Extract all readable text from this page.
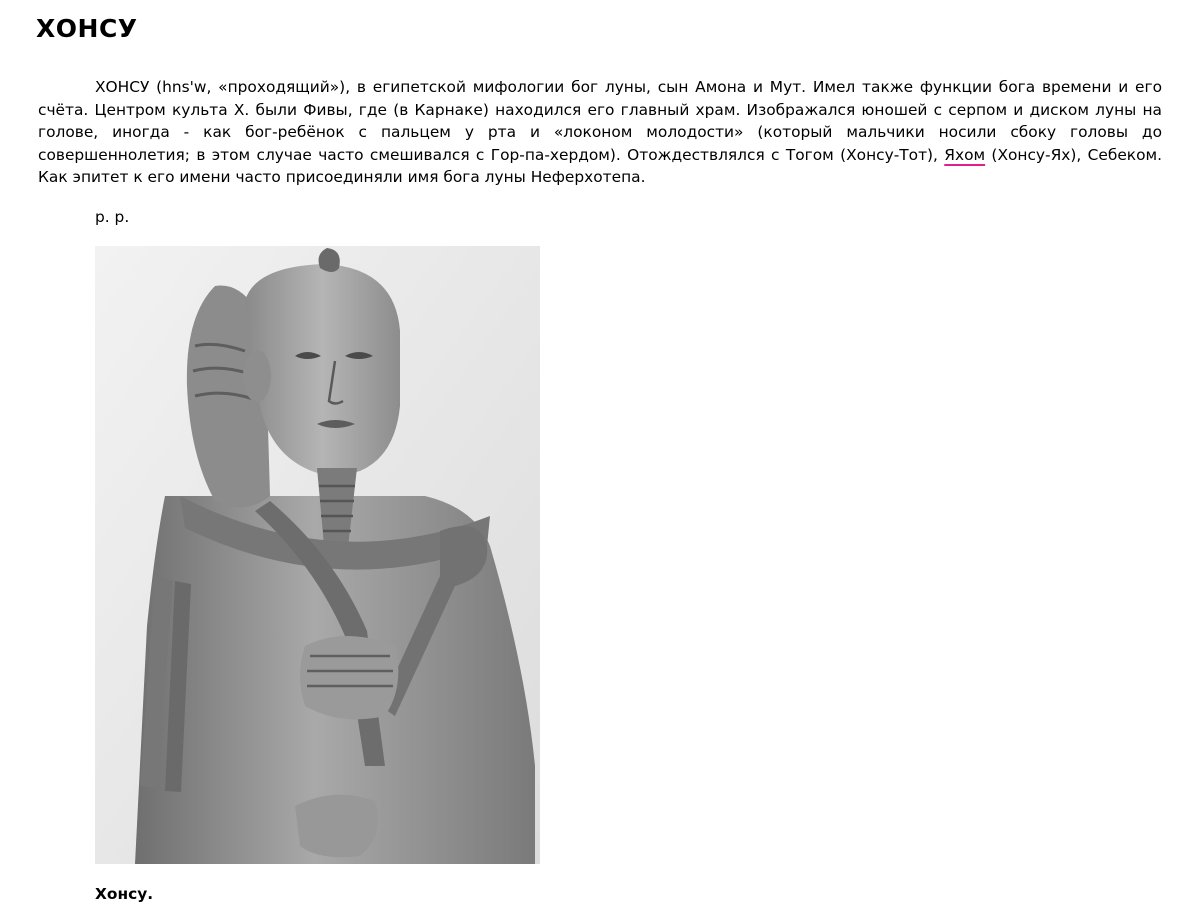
ХОНСУ

ХОНСУ (hns'w, «проходящий»), в египетской мифологии бог луны, сын Амона и Мут. Имел также функции бога времени и его счёта. Центром культа X. были Фивы, где (в Карнаке) находился его главный храм. Изображался юношей с серпом и диском луны на голове, иногда - как бог-ребёнок с пальцем у рта и «локоном молодости» (который мальчики носили сбоку головы до совершеннолетия; в этом случае часто смешивался с Гор-па-хердом). Отождествлялся с Тогом (Хонсу-Тот), Яхом (Хонсу-Ях), Себеком. Как эпитет к его имени часто присоединяли имя бога луны Неферхотепа.

р. р.

Хонсу.
